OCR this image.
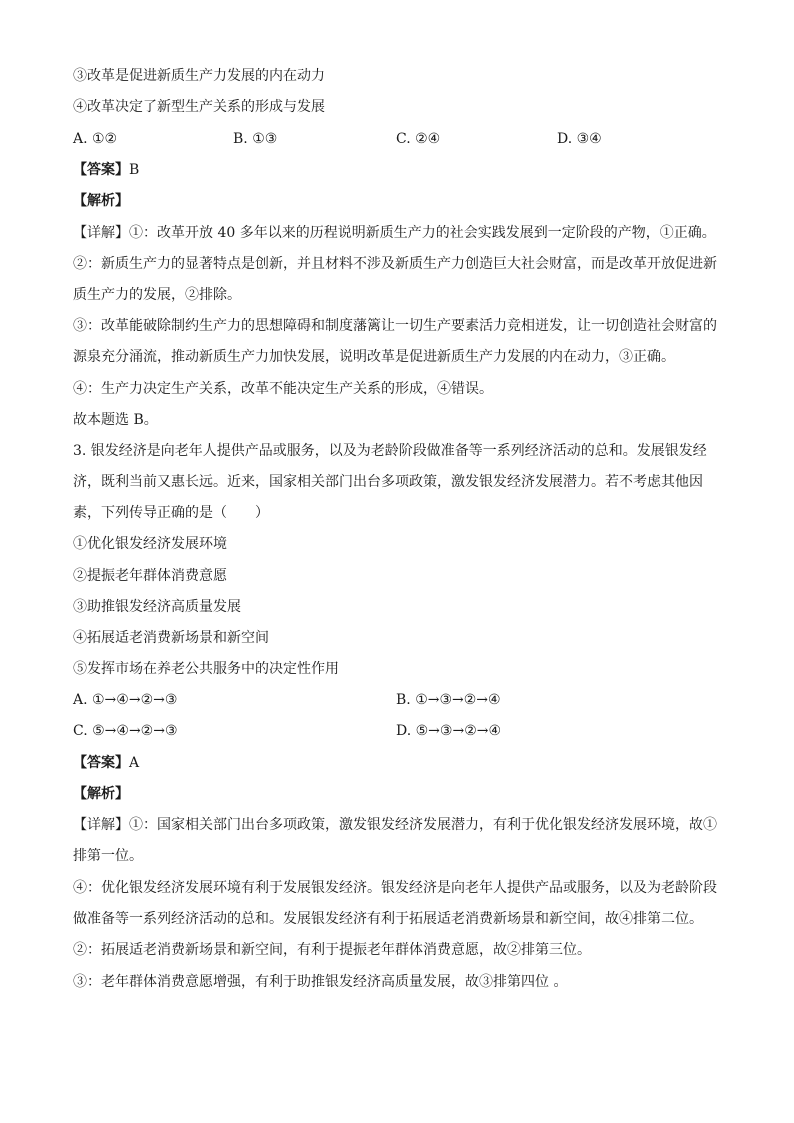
③改革是促进新质生产力发展的内在动力
④改革决定了新型生产关系的形成与发展
A. ①②	B. ①③	C. ②④	D. ③④
【答案】B
【解析】
【详解】①：改革开放 40 多年以来的历程说明新质生产力的社会实践发展到一定阶段的产物，①正确。
②：新质生产力的显著特点是创新，并且材料不涉及新质生产力创造巨大社会财富，而是改革开放促进新
质生产力的发展，②排除。
③：改革能破除制约生产力的思想障碍和制度藩篱让一切生产要素活力竞相迸发，让一切创造社会财富的
源泉充分涌流，推动新质生产力加快发展，说明改革是促进新质生产力发展的内在动力，③正确。
④：生产力决定生产关系，改革不能决定生产关系的形成，④错误。
故本题选 B。
3. 银发经济是向老年人提供产品或服务，以及为老龄阶段做准备等一系列经济活动的总和。发展银发经
济，既利当前又惠长远。近来，国家相关部门出台多项政策，激发银发经济发展潜力。若不考虑其他因
素，下列传导正确的是（　　）
①优化银发经济发展环境
②提振老年群体消费意愿
③助推银发经济高质量发展
④拓展适老消费新场景和新空间
⑤发挥市场在养老公共服务中的决定性作用
A. ①→④→②→③	B. ①→③→②→④
C. ⑤→④→②→③	D. ⑤→③→②→④
【答案】A
【解析】
【详解】①：国家相关部门出台多项政策，激发银发经济发展潜力，有利于优化银发经济发展环境，故①
排第一位。
④：优化银发经济发展环境有利于发展银发经济。银发经济是向老年人提供产品或服务，以及为老龄阶段
做准备等一系列经济活动的总和。发展银发经济有利于拓展适老消费新场景和新空间，故④排第二位。
②：拓展适老消费新场景和新空间，有利于提振老年群体消费意愿，故②排第三位。
③：老年群体消费意愿增强，有利于助推银发经济高质量发展，故③排第四位 。
